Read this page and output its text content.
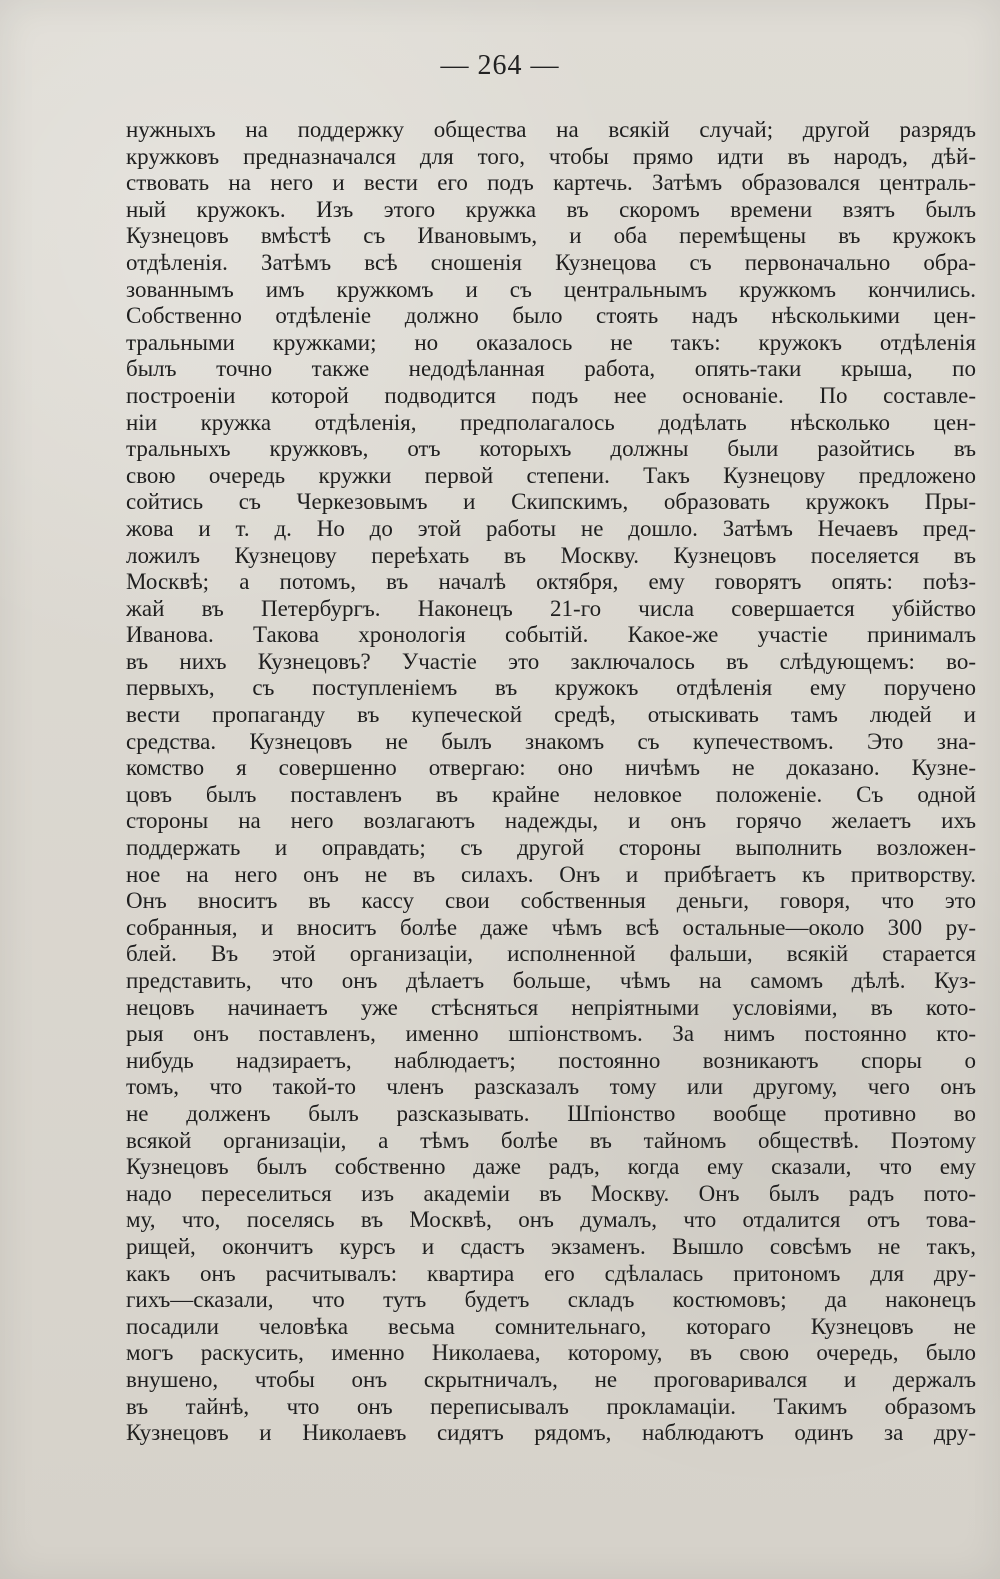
— 264 —
нужныхъ на поддержку общества на всякій случай; другой разрядъ
кружковъ предназначался для того, чтобы прямо идти въ народъ, дѣй-
ствовать на него и вести его подъ картечь. Затѣмъ образовался централь-
ный кружокъ. Изъ этого кружка въ скоромъ времени взятъ былъ
Кузнецовъ вмѣстѣ съ Ивановымъ, и оба перемѣщены въ кружокъ
отдѣленія. Затѣмъ всѣ сношенія Кузнецова съ первоначально обра-
зованнымъ имъ кружкомъ и съ центральнымъ кружкомъ кончились.
Собственно отдѣленіе должно было стоять надъ нѣсколькими цен-
тральными кружками; но оказалось не такъ: кружокъ отдѣленія
былъ точно также недодѣланная работа, опять-таки крыша, по
построеніи которой подводится подъ нее основаніе. По составле-
ніи кружка отдѣленія, предполагалось додѣлать нѣсколько цен-
тральныхъ кружковъ, отъ которыхъ должны были разойтись въ
свою очередь кружки первой степени. Такъ Кузнецову предложено
сойтись съ Черкезовымъ и Скипскимъ, образовать кружокъ Пры-
жова и т. д. Но до этой работы не дошло. Затѣмъ Нечаевъ пред-
ложилъ Кузнецову переѣхать въ Москву. Кузнецовъ поселяется въ
Москвѣ; а потомъ, въ началѣ октября, ему говорятъ опять: поѣз-
жай въ Петербургъ. Наконецъ 21-го числа совершается убійство
Иванова. Такова хронологія событій. Какое-же участіе принималъ
въ нихъ Кузнецовъ? Участіе это заключалось въ слѣдующемъ: во-
первыхъ, съ поступленіемъ въ кружокъ отдѣленія ему поручено
вести пропаганду въ купеческой средѣ, отыскивать тамъ людей и
средства. Кузнецовъ не былъ знакомъ съ купечествомъ. Это зна-
комство я совершенно отвергаю: оно ничѣмъ не доказано. Кузне-
цовъ былъ поставленъ въ крайне неловкое положеніе. Съ одной
стороны на него возлагаютъ надежды, и онъ горячо желаетъ ихъ
поддержать и оправдать; съ другой стороны выполнить возложен-
ное на него онъ не въ силахъ. Онъ и прибѣгаетъ къ притворству.
Онъ вноситъ въ кассу свои собственныя деньги, говоря, что это
собранныя, и вноситъ болѣе даже чѣмъ всѣ остальные—около 300 ру-
блей. Въ этой организаціи, исполненной фальши, всякій старается
представить, что онъ дѣлаетъ больше, чѣмъ на самомъ дѣлѣ. Куз-
нецовъ начинаетъ уже стѣсняться непріятными условіями, въ кото-
рыя онъ поставленъ, именно шпіонствомъ. За нимъ постоянно кто-
нибудь надзираетъ, наблюдаетъ; постоянно возникаютъ споры о
томъ, что такой-то членъ разсказалъ тому или другому, чего онъ
не долженъ былъ разсказывать. Шпіонство вообще противно во
всякой организаціи, а тѣмъ болѣе въ тайномъ обществѣ. Поэтому
Кузнецовъ былъ собственно даже радъ, когда ему сказали, что ему
надо переселиться изъ академіи въ Москву. Онъ былъ радъ пото-
му, что, поселясь въ Москвѣ, онъ думалъ, что отдалится отъ това-
рищей, окончитъ курсъ и сдастъ экзаменъ. Вышло совсѣмъ не такъ,
какъ онъ расчитывалъ: квартира его сдѣлалась притономъ для дру-
гихъ—сказали, что тутъ будетъ складъ костюмовъ; да наконецъ
посадили человѣка весьма сомнительнаго, котораго Кузнецовъ не
могъ раскусить, именно Николаева, которому, въ свою очередь, было
внушено, чтобы онъ скрытничалъ, не проговаривался и держалъ
въ тайнѣ, что онъ переписывалъ прокламаціи. Такимъ образомъ
Кузнецовъ и Николаевъ сидятъ рядомъ, наблюдаютъ одинъ за дру-
